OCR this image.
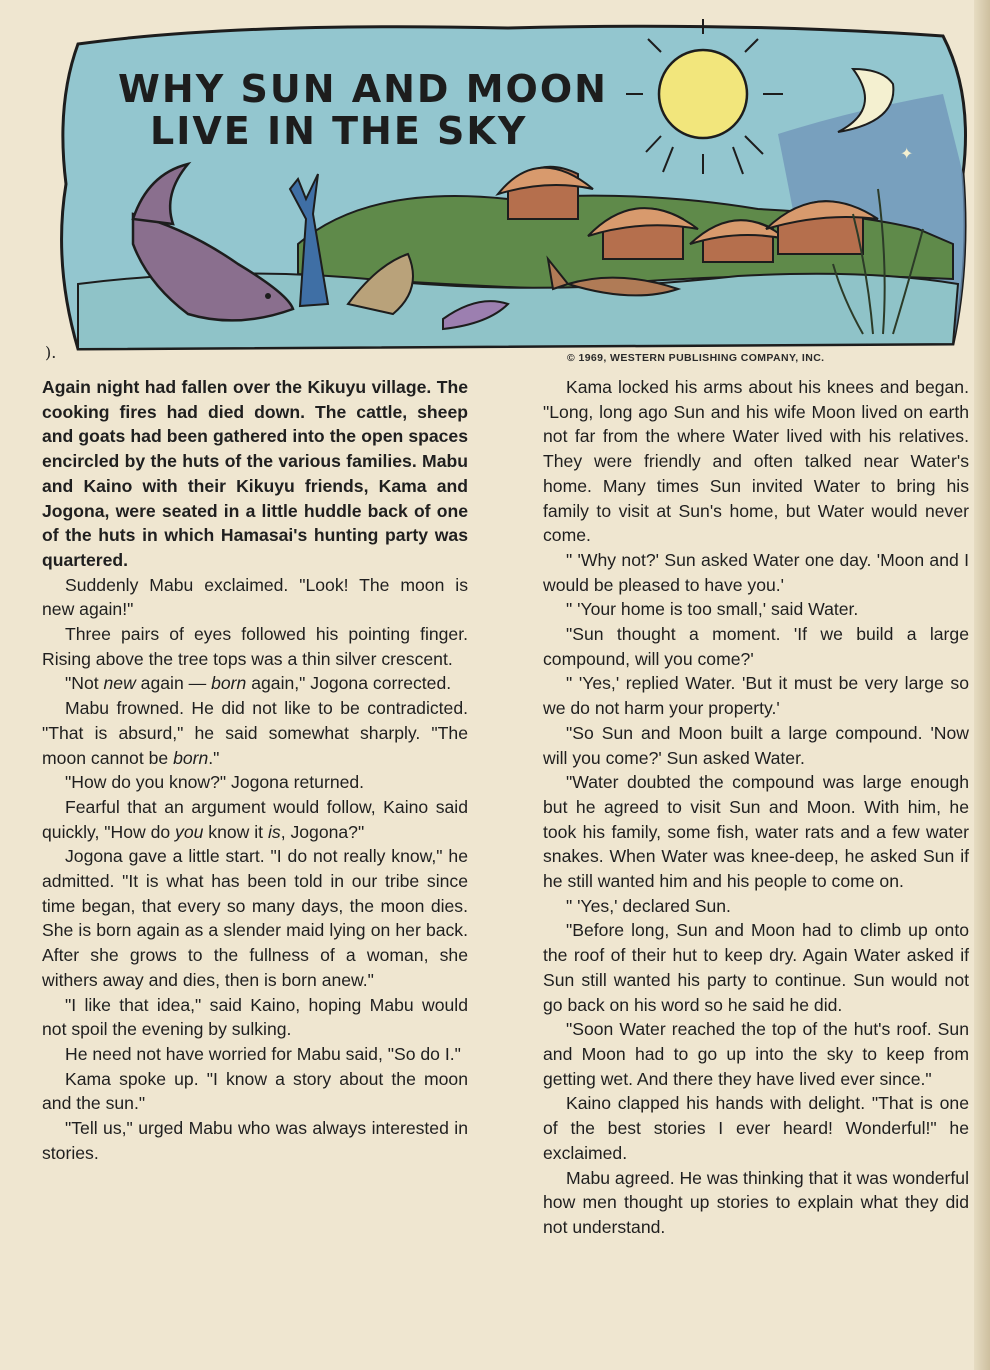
✦
WHY SUN AND MOON
LIVE IN THE SKY
).	© 1969, WESTERN PUBLISHING COMPANY, INC.

Again night had fallen over the Kikuyu village. The cooking fires had died down. The cattle, sheep and goats had been gathered into the open spaces encircled by the huts of the various families. Mabu and Kaino with their Kikuyu friends, Kama and Jogona, were seated in a little huddle back of one of the huts in which Hamasai's hunting party was quartered.

Suddenly Mabu exclaimed. "Look! The moon is new again!"

Three pairs of eyes followed his pointing finger. Rising above the tree tops was a thin silver crescent.

"Not new again — born again," Jogona corrected.

Mabu frowned. He did not like to be contradicted. "That is absurd," he said somewhat sharply. "The moon cannot be born."

"How do you know?" Jogona returned.

Fearful that an argument would follow, Kaino said quickly, "How do you know it is, Jogona?"

Jogona gave a little start. "I do not really know," he admitted. "It is what has been told in our tribe since time began, that every so many days, the moon dies. She is born again as a slender maid lying on her back. After she grows to the fullness of a woman, she withers away and dies, then is born anew."

"I like that idea," said Kaino, hoping Mabu would not spoil the evening by sulking.

He need not have worried for Mabu said, "So do I."

Kama spoke up. "I know a story about the moon and the sun."

"Tell us," urged Mabu who was always interested in stories.

Kama locked his arms about his knees and began. "Long, long ago Sun and his wife Moon lived on earth not far from the where Water lived with his relatives. They were friendly and often talked near Water's home. Many times Sun invited Water to bring his family to visit at Sun's home, but Water would never come.

" 'Why not?' Sun asked Water one day. 'Moon and I would be pleased to have you.'

" 'Your home is too small,' said Water.

"Sun thought a moment. 'If we build a large compound, will you come?'

" 'Yes,' replied Water. 'But it must be very large so we do not harm your property.'

"So Sun and Moon built a large compound. 'Now will you come?' Sun asked Water.

"Water doubted the compound was large enough but he agreed to visit Sun and Moon. With him, he took his family, some fish, water rats and a few water snakes. When Water was knee-deep, he asked Sun if he still wanted him and his people to come on.

" 'Yes,' declared Sun.

"Before long, Sun and Moon had to climb up onto the roof of their hut to keep dry. Again Water asked if Sun still wanted his party to continue. Sun would not go back on his word so he said he did.

"Soon Water reached the top of the hut's roof. Sun and Moon had to go up into the sky to keep from getting wet. And there they have lived ever since."

Kaino clapped his hands with delight. "That is one of the best stories I ever heard! Wonderful!" he exclaimed.

Mabu agreed. He was thinking that it was wonderful how men thought up stories to explain what they did not understand.
